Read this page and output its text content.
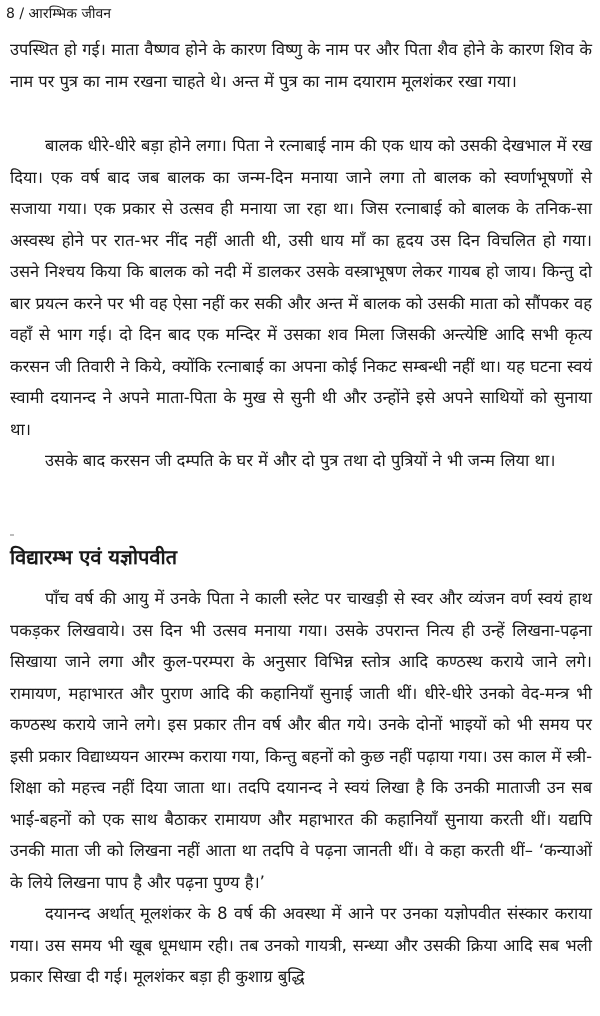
8 / आरम्भिक जीवन

उपस्थित हो गई। माता वैष्णव होने के कारण विष्णु के नाम पर और पिता शैव होने के कारण शिव के नाम पर पुत्र का नाम रखना चाहते थे। अन्त में पुत्र का नाम दयाराम मूलशंकर रखा गया।

बालक धीरे-धीरे बड़ा होने लगा। पिता ने रत्नाबाई नाम की एक धाय को उसकी देखभाल में रख दिया। एक वर्ष बाद जब बालक का जन्म-दिन मनाया जाने लगा तो बालक को स्वर्णाभूषणों से सजाया गया। एक प्रकार से उत्सव ही मनाया जा रहा था। जिस रत्नाबाई को बालक के तनिक-सा अस्वस्थ होने पर रात-भर नींद नहीं आती थी, उसी धाय माँ का हृदय उस दिन विचलित हो गया। उसने निश्चय किया कि बालक को नदी में डालकर उसके वस्त्राभूषण लेकर गायब हो जाय। किन्तु दो बार प्रयत्न करने पर भी वह ऐसा नहीं कर सकी और अन्त में बालक को उसकी माता को सौंपकर वह वहाँ से भाग गई। दो दिन बाद एक मन्दिर में उसका शव मिला जिसकी अन्त्येष्टि आदि सभी कृत्य करसन जी तिवारी ने किये, क्योंकि रत्नाबाई का अपना कोई निकट सम्बन्धी नहीं था। यह घटना स्वयं स्वामी दयानन्द ने अपने माता-पिता के मुख से सुनी थी और उन्होंने इसे अपने साथियों को सुनाया था।

उसके बाद करसन जी दम्पति के घर में और दो पुत्र तथा दो पुत्रियों ने भी जन्म लिया था।

विद्यारम्भ एवं यज्ञोपवीत

पाँच वर्ष की आयु में उनके पिता ने काली स्लेट पर चाखड़ी से स्वर और व्यंजन वर्ण स्वयं हाथ पकड़कर लिखवाये। उस दिन भी उत्सव मनाया गया। उसके उपरान्त नित्य ही उन्हें लिखना-पढ़ना सिखाया जाने लगा और कुल-परम्परा के अनुसार विभिन्न स्तोत्र आदि कण्ठस्थ कराये जाने लगे। रामायण, महाभारत और पुराण आदि की कहानियाँ सुनाई जाती थीं। धीरे-धीरे उनको वेद-मन्त्र भी कण्ठस्थ कराये जाने लगे। इस प्रकार तीन वर्ष और बीत गये। उनके दोनों भाइयों को भी समय पर इसी प्रकार विद्याध्ययन आरम्भ कराया गया, किन्तु बहनों को कुछ नहीं पढ़ाया गया। उस काल में स्त्री-शिक्षा को महत्त्व नहीं दिया जाता था। तदपि दयानन्द ने स्वयं लिखा है कि उनकी माताजी उन सब भाई-बहनों को एक साथ बैठाकर रामायण और महाभारत की कहानियाँ सुनाया करती थीं। यद्यपि उनकी माता जी को लिखना नहीं आता था तदपि वे पढ़ना जानती थीं। वे कहा करती थीं– ‘कन्याओं के लिये लिखना पाप है और पढ़ना पुण्य है।’

दयानन्द अर्थात् मूलशंकर के 8 वर्ष की अवस्था में आने पर उनका यज्ञोपवीत संस्कार कराया गया। उस समय भी खूब धूमधाम रही। तब उनको गायत्री, सन्ध्या और उसकी क्रिया आदि सब भली प्रकार सिखा दी गई। मूलशंकर बड़ा ही कुशाग्र बुद्धि
